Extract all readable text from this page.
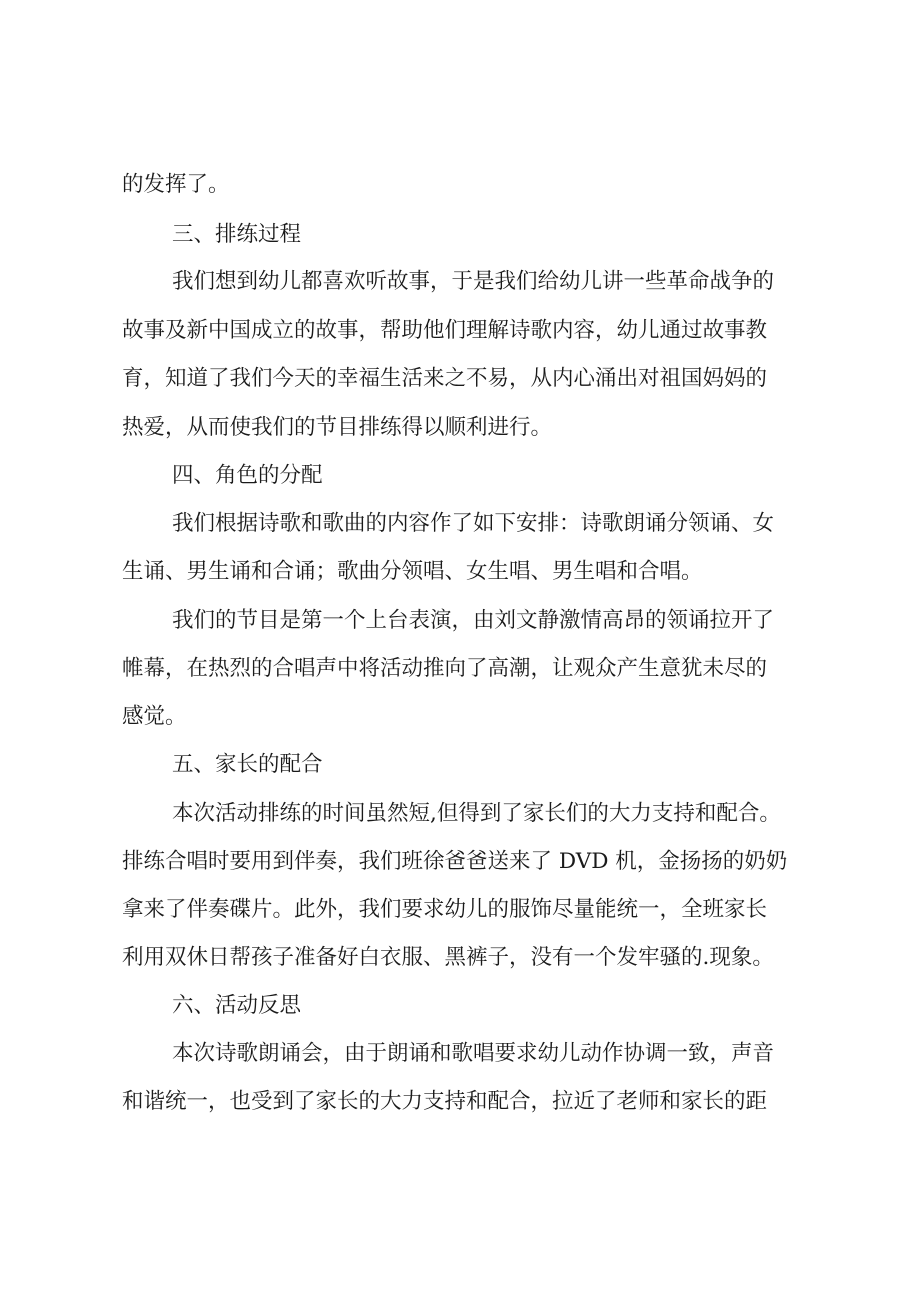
的发挥了。
三、排练过程
我们想到幼儿都喜欢听故事，于是我们给幼儿讲一些革命战争的
故事及新中国成立的故事，帮助他们理解诗歌内容，幼儿通过故事教
育，知道了我们今天的幸福生活来之不易，从内心涌出对祖国妈妈的
热爱，从而使我们的节目排练得以顺利进行。
四、角色的分配
我们根据诗歌和歌曲的内容作了如下安排：诗歌朗诵分领诵、女
生诵、男生诵和合诵；歌曲分领唱、女生唱、男生唱和合唱。
我们的节目是第一个上台表演，由刘文静激情高昂的领诵拉开了
帷幕，在热烈的合唱声中将活动推向了高潮，让观众产生意犹未尽的
感觉。
五、家长的配合
本次活动排练的时间虽然短,但得到了家长们的大力支持和配合。
排练合唱时要用到伴奏，我们班徐爸爸送来了 DVD 机，金扬扬的奶奶
拿来了伴奏碟片。此外，我们要求幼儿的服饰尽量能统一，全班家长
利用双休日帮孩子准备好白衣服、黑裤子，没有一个发牢骚的.现象。
六、活动反思
本次诗歌朗诵会，由于朗诵和歌唱要求幼儿动作协调一致，声音
和谐统一，也受到了家长的大力支持和配合，拉近了老师和家长的距
